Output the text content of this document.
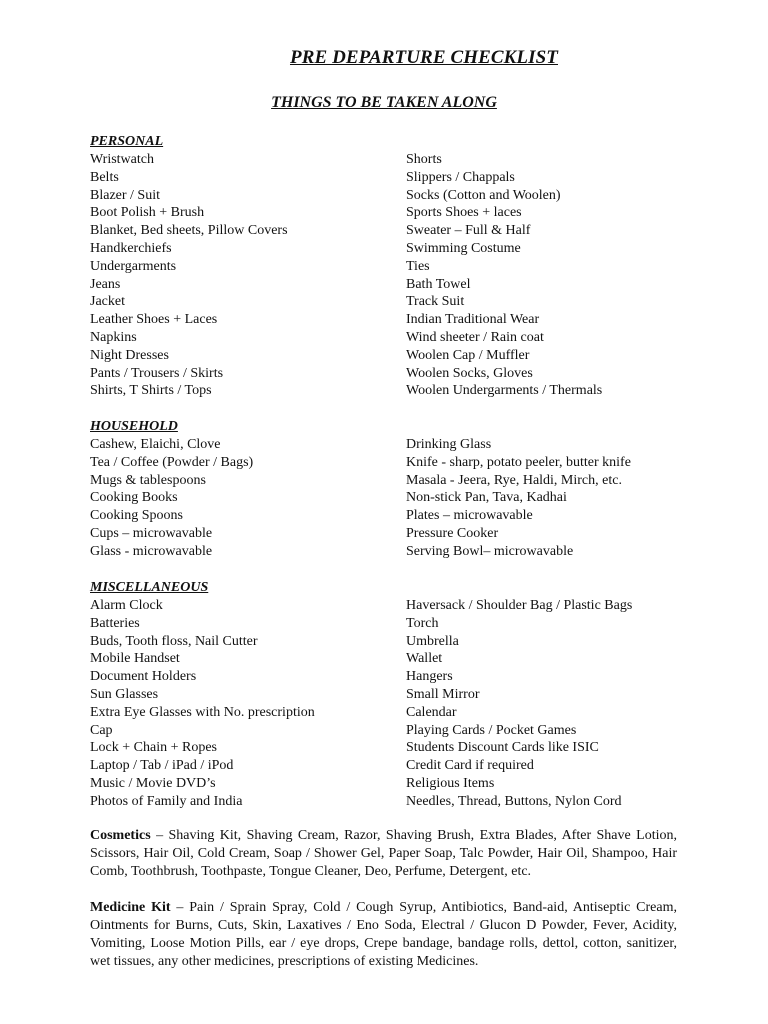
PRE DEPARTURE CHECKLIST
THINGS TO BE TAKEN ALONG
PERSONAL
Wristwatch
Belts
Blazer / Suit
Boot Polish + Brush
Blanket, Bed sheets, Pillow Covers
Handkerchiefs
Undergarments
Jeans
Jacket
Leather Shoes + Laces
Napkins
Night Dresses
Pants / Trousers / Skirts
Shirts, T Shirts / Tops
Shorts
Slippers / Chappals
Socks (Cotton and Woolen)
Sports Shoes + laces
Sweater – Full & Half
Swimming Costume
Ties
Bath Towel
Track Suit
Indian Traditional Wear
Wind sheeter / Rain coat
Woolen Cap / Muffler
Woolen Socks, Gloves
Woolen Undergarments / Thermals
HOUSEHOLD
Cashew, Elaichi, Clove
Tea / Coffee (Powder / Bags)
Mugs & tablespoons
Cooking Books
Cooking Spoons
Cups – microwavable
Glass - microwavable
Drinking Glass
Knife - sharp, potato peeler, butter knife
Masala - Jeera, Rye, Haldi, Mirch, etc.
Non-stick Pan, Tava, Kadhai
Plates – microwavable
Pressure Cooker
Serving Bowl– microwavable
MISCELLANEOUS
Alarm Clock
Batteries
Buds, Tooth floss, Nail Cutter
Mobile Handset
Document Holders
Sun Glasses
Extra Eye Glasses with No. prescription
Cap
Lock + Chain + Ropes
Laptop / Tab / iPad / iPod
Music / Movie DVD’s
Photos of Family and India
Haversack / Shoulder Bag / Plastic Bags
Torch
Umbrella
Wallet
Hangers
Small Mirror
Calendar
Playing Cards / Pocket Games
Students Discount Cards like ISIC
Credit Card if required
Religious Items
Needles, Thread, Buttons, Nylon Cord
Cosmetics – Shaving Kit, Shaving Cream, Razor, Shaving Brush, Extra Blades, After Shave Lotion, Scissors, Hair Oil, Cold Cream, Soap / Shower Gel, Paper Soap, Talc Powder, Hair Oil, Shampoo, Hair Comb, Toothbrush, Toothpaste, Tongue Cleaner, Deo, Perfume, Detergent, etc.
Medicine Kit – Pain / Sprain Spray, Cold / Cough Syrup, Antibiotics, Band-aid, Antiseptic Cream, Ointments for Burns, Cuts, Skin, Laxatives / Eno Soda, Electral / Glucon D Powder, Fever, Acidity, Vomiting, Loose Motion Pills, ear / eye drops, Crepe bandage, bandage rolls, dettol, cotton, sanitizer, wet tissues, any other medicines, prescriptions of existing Medicines.
